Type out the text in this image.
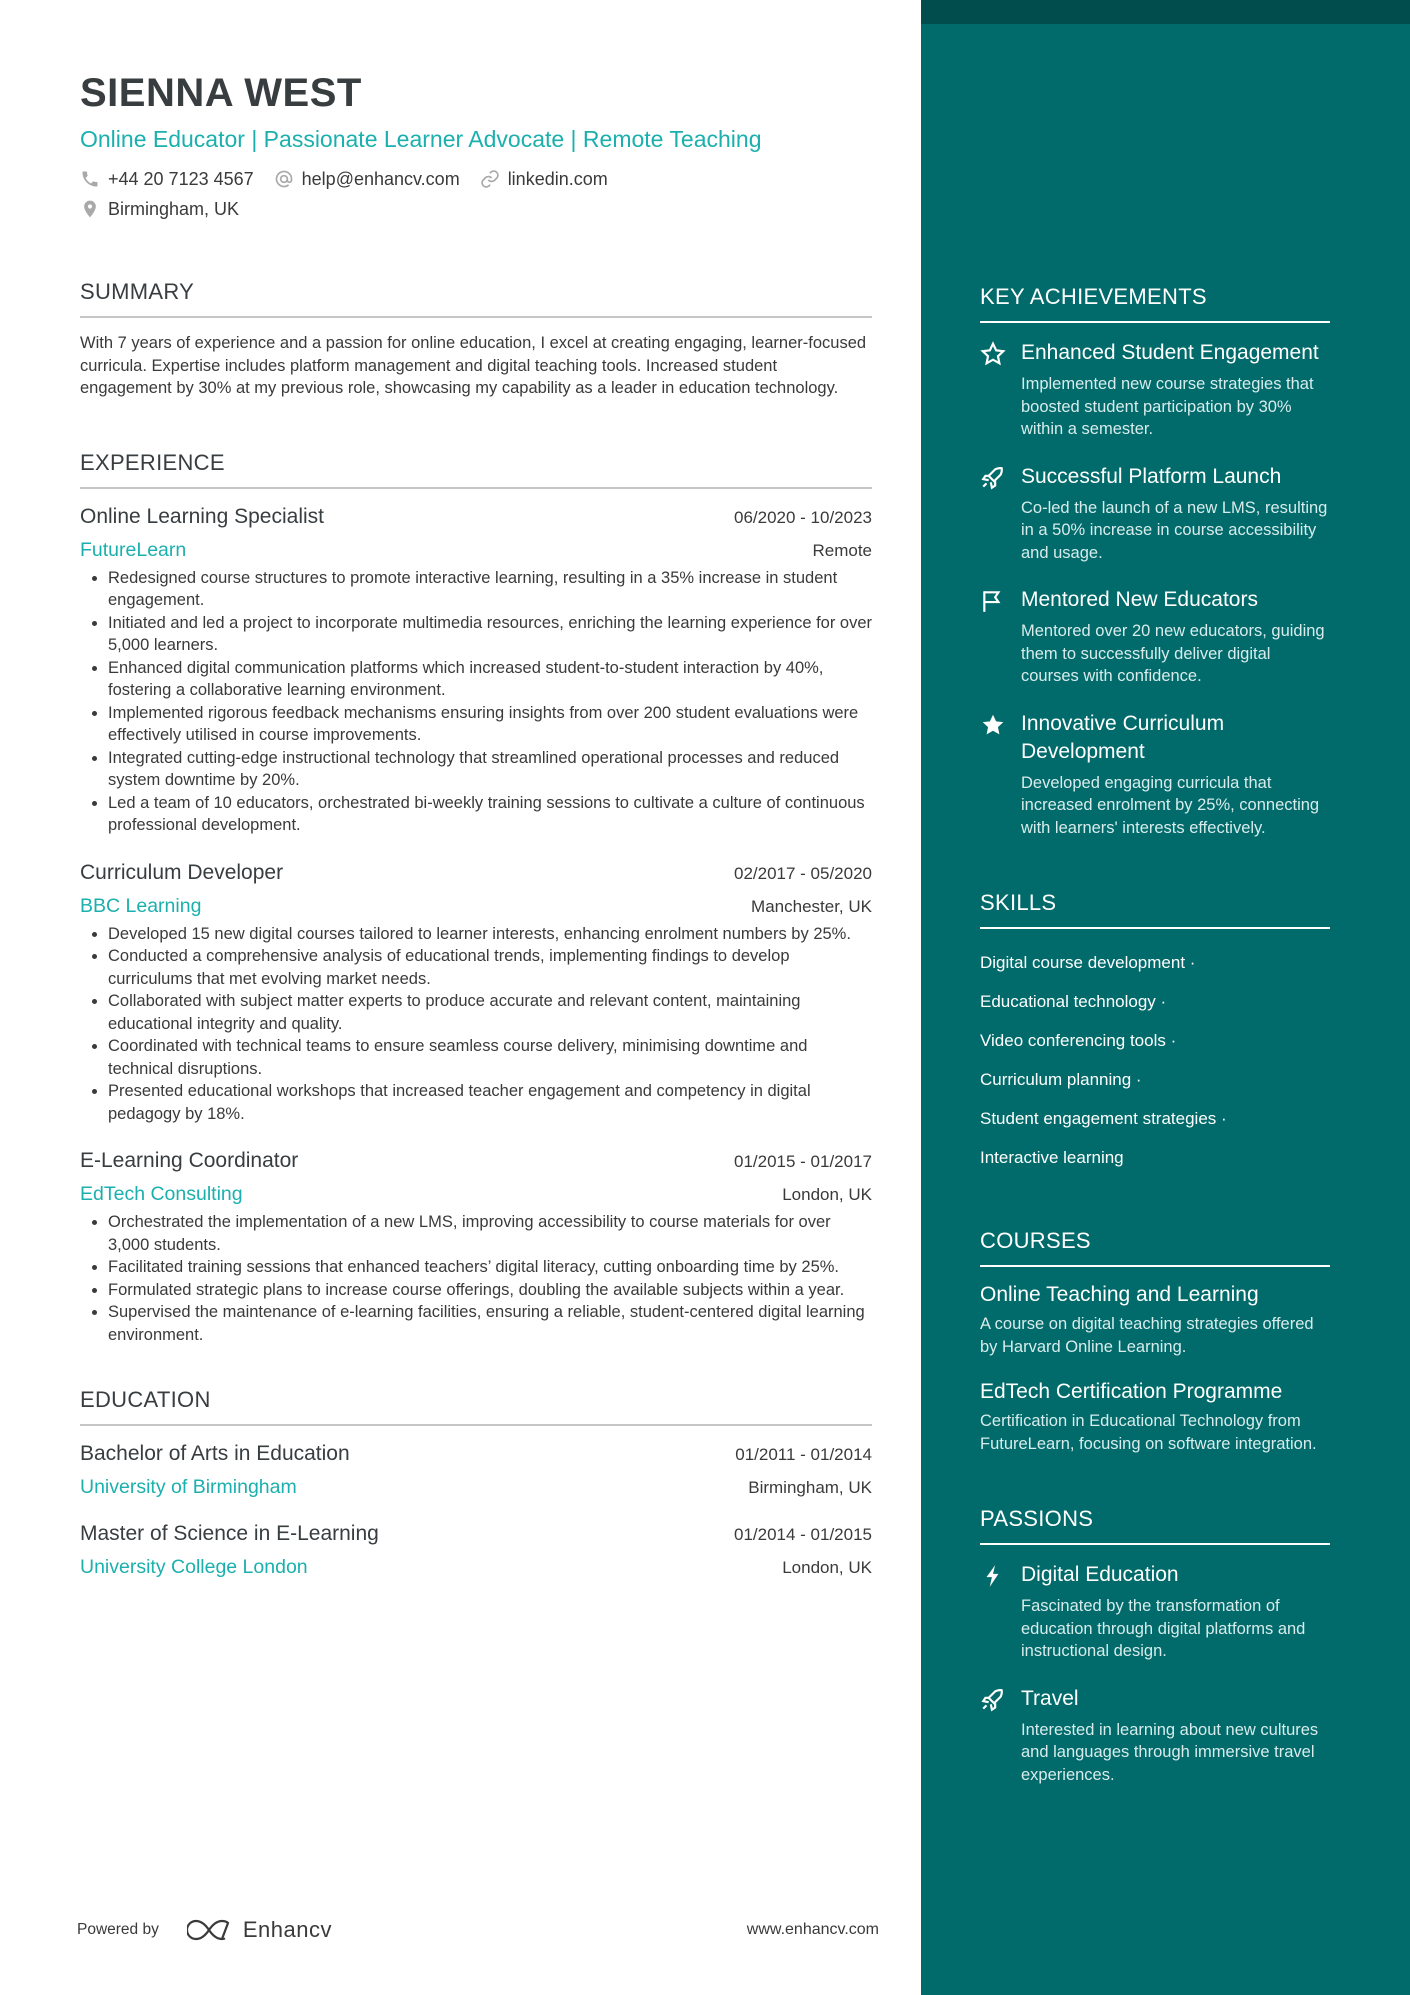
SIENNA WEST
Online Educator | Passionate Learner Advocate | Remote Teaching
+44 20 7123 4567	help@enhancv.com	linkedin.com
Birmingham, UK
SUMMARY
With 7 years of experience and a passion for online education, I excel at creating engaging, learner-focused curricula. Expertise includes platform management and digital teaching tools. Increased student engagement by 30% at my previous role, showcasing my capability as a leader in education technology.
EXPERIENCE
Online Learning Specialist	06/2020 - 10/2023
FutureLearn	Remote
• Redesigned course structures to promote interactive learning, resulting in a 35% increase in student engagement.
• Initiated and led a project to incorporate multimedia resources, enriching the learning experience for over 5,000 learners.
• Enhanced digital communication platforms which increased student-to-student interaction by 40%, fostering a collaborative learning environment.
• Implemented rigorous feedback mechanisms ensuring insights from over 200 student evaluations were effectively utilised in course improvements.
• Integrated cutting-edge instructional technology that streamlined operational processes and reduced system downtime by 20%.
• Led a team of 10 educators, orchestrated bi-weekly training sessions to cultivate a culture of continuous professional development.
Curriculum Developer	02/2017 - 05/2020
BBC Learning	Manchester, UK
• Developed 15 new digital courses tailored to learner interests, enhancing enrolment numbers by 25%.
• Conducted a comprehensive analysis of educational trends, implementing findings to develop curriculums that met evolving market needs.
• Collaborated with subject matter experts to produce accurate and relevant content, maintaining educational integrity and quality.
• Coordinated with technical teams to ensure seamless course delivery, minimising downtime and technical disruptions.
• Presented educational workshops that increased teacher engagement and competency in digital pedagogy by 18%.
E-Learning Coordinator	01/2015 - 01/2017
EdTech Consulting	London, UK
• Orchestrated the implementation of a new LMS, improving accessibility to course materials for over 3,000 students.
• Facilitated training sessions that enhanced teachers’ digital literacy, cutting onboarding time by 25%.
• Formulated strategic plans to increase course offerings, doubling the available subjects within a year.
• Supervised the maintenance of e-learning facilities, ensuring a reliable, student-centered digital learning environment.
EDUCATION
Bachelor of Arts in Education	01/2011 - 01/2014
University of Birmingham	Birmingham, UK
Master of Science in E-Learning	01/2014 - 01/2015
University College London	London, UK
KEY ACHIEVEMENTS
Enhanced Student Engagement
Implemented new course strategies that boosted student participation by 30% within a semester.
Successful Platform Launch
Co-led the launch of a new LMS, resulting in a 50% increase in course accessibility and usage.
Mentored New Educators
Mentored over 20 new educators, guiding them to successfully deliver digital courses with confidence.
Innovative Curriculum Development
Developed engaging curricula that increased enrolment by 25%, connecting with learners' interests effectively.
SKILLS
Digital course development ·
Educational technology ·
Video conferencing tools ·
Curriculum planning ·
Student engagement strategies ·
Interactive learning
COURSES
Online Teaching and Learning
A course on digital teaching strategies offered by Harvard Online Learning.
EdTech Certification Programme
Certification in Educational Technology from FutureLearn, focusing on software integration.
PASSIONS
Digital Education
Fascinated by the transformation of education through digital platforms and instructional design.
Travel
Interested in learning about new cultures and languages through immersive travel experiences.
Powered by	Enhancv	www.enhancv.com
